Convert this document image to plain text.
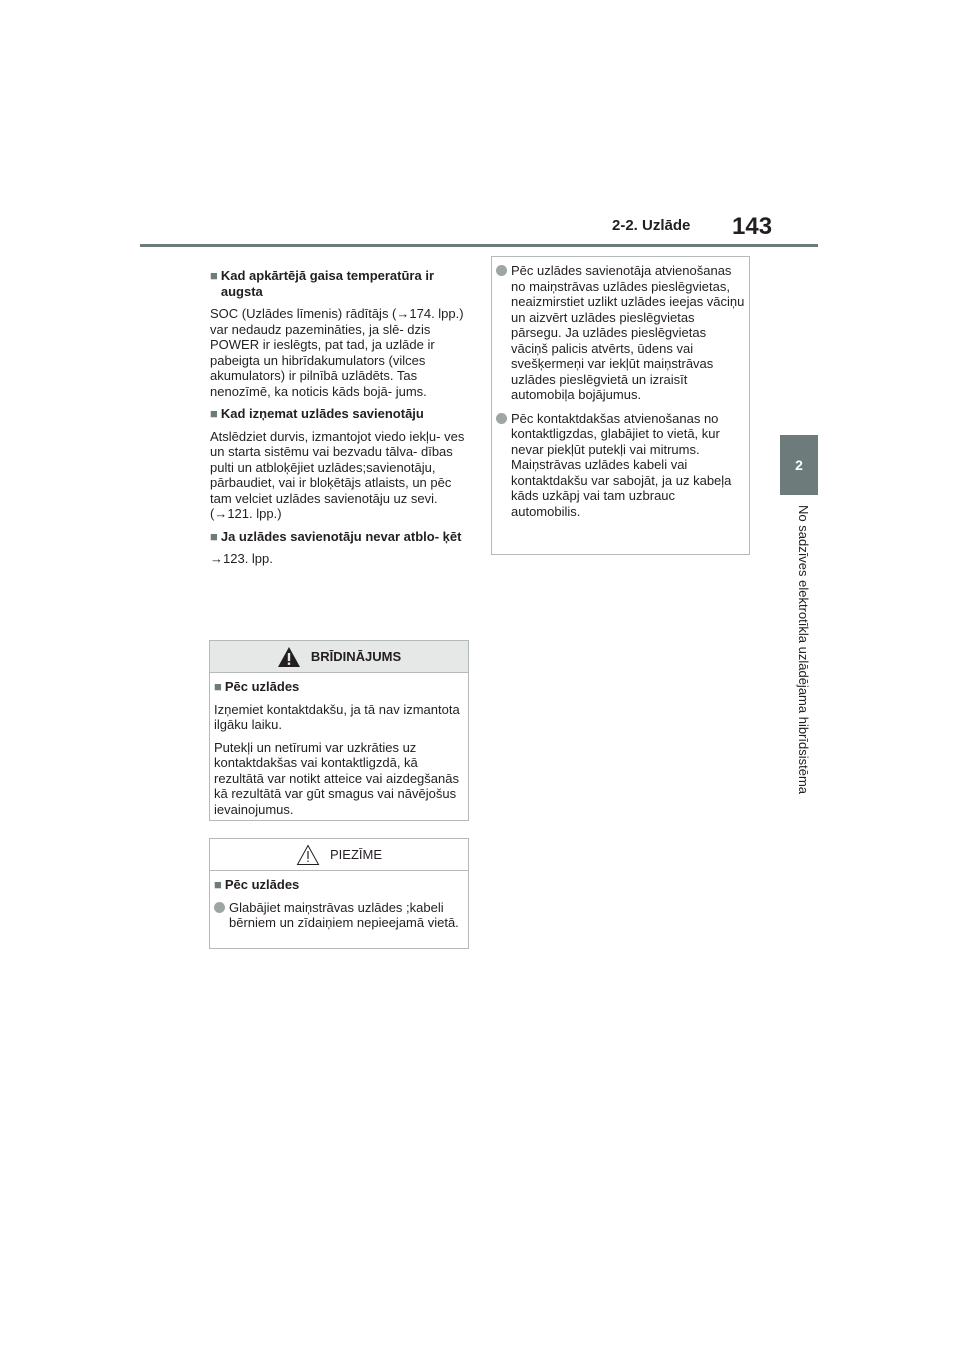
2-2. Uzlāde 143
2
No sadzīves elektrotīkla uzlādējama hibrīdsistēma
■ Kad apkārtējā gaisa temperatūra ir augsta

SOC (Uzlādes līmenis) rādītājs (→174. lpp.) var nedaudz pazemināties, ja slē- dzis POWER ir ieslēgts, pat tad, ja uzlāde ir pabeigta un hibrīdakumulators (vilces akumulators) ir pilnībā uzlādēts. Tas nenozīmē, ka noticis kāds bojā- jums.

■ Kad izņemat uzlādes savienotāju

Atslēdziet durvis, izmantojot viedo iekļu- ves un starta sistēmu vai bezvadu tālva- dības pulti un atbloķējiet uzlādes;savienotāju, pārbaudiet, vai ir bloķētājs atlaists, un pēc tam velciet uzlādes savienotāju uz sevi. (→121. lpp.)

■ Ja uzlādes savienotāju nevar atblo- ķēt

→123. lpp.

BRĪDINĀJUMS
■ Pēc uzlādes

Izņemiet kontaktdakšu, ja tā nav izmantota ilgāku laiku.

Putekļi un netīrumi var uzkrāties uz kontaktdakšas vai kontaktligzdā, kā rezultātā var notikt atteice vai aizdegšanās kā rezultātā var gūt smagus vai nāvējošus ievainojumus.

PIEZĪME
■ Pēc uzlādes
Glabājiet maiņstrāvas uzlādes ;kabeli bērniem un zīdaiņiem nepieejamā vietā.
Pēc uzlādes savienotāja atvienošanas no maiņstrāvas uzlādes pieslēgvietas, neaizmirstiet uzlikt uzlādes ieejas vāciņu un aizvērt uzlādes pieslēgvietas pārsegu. Ja uzlādes pieslēgvietas vāciņš palicis atvērts, ūdens vai svešķermeņi var iekļūt maiņstrāvas uzlādes pieslēgvietā un izraisīt automobiļa bojājumus.
Pēc kontaktdakšas atvienošanas no kontaktligzdas, glabājiet to vietā, kur nevar piekļūt putekļi vai mitrums. Maiņstrāvas uzlādes kabeli vai kontaktdakšu var sabojāt, ja uz kabeļa kāds uzkāpj vai tam uzbrauc automobilis.
